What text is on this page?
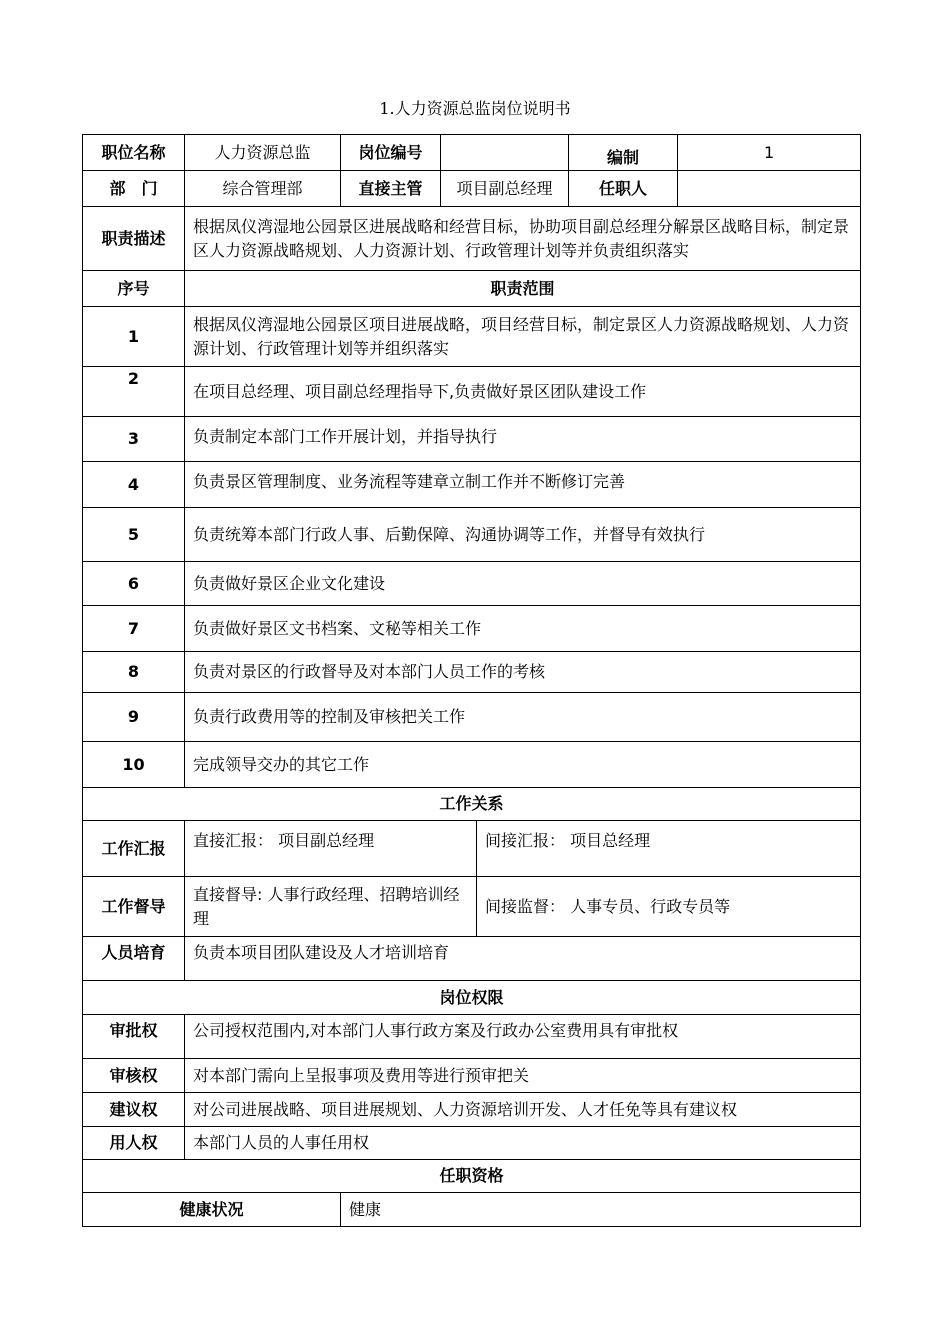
1.人力资源总监岗位说明书
职位名称	人力资源总监	岗位编号			编制	1
部　门	综合管理部	直接主管	项目副总经理		任职人	
职责描述	根据凤仪湾湿地公园景区进展战略和经营目标，协助项目副总经理分解景区战略目标，制定景区人力资源战略规划、人力资源计划、行政管理计划等并负责组织落实					
序号	职责范围					
1	根据凤仪湾湿地公园景区项目进展战略，项目经营目标，制定景区人力资源战略规划、人力资源计划、行政管理计划等并组织落实					
2	在项目总经理、项目副总经理指导下,负责做好景区团队建设工作					
3	负责制定本部门工作开展计划，并指导执行					
4	负责景区管理制度、业务流程等建章立制工作并不断修订完善					
5	负责统筹本部门行政人事、后勤保障、沟通协调等工作，并督导有效执行					
6	负责做好景区企业文化建设					
7	负责做好景区文书档案、文秘等相关工作					
8	负责对景区的行政督导及对本部门人员工作的考核					
9	负责行政费用等的控制及审核把关工作					
10	完成领导交办的其它工作					
工作关系						
工作汇报	直接汇报： 项目副总经理			间接汇报： 项目总经理		
工作督导	直接督导: 人事行政经理、招聘培训经理			间接监督： 人事专员、行政专员等		
人员培育	负责本项目团队建设及人才培训培育					
岗位权限						
审批权	公司授权范围内,对本部门人事行政方案及行政办公室费用具有审批权					
审核权	对本部门需向上呈报事项及费用等进行预审把关					
建议权	对公司进展战略、项目进展规划、人力资源培训开发、人才任免等具有建议权					
用人权	本部门人员的人事任用权					
任职资格						
健康状况		健康				
